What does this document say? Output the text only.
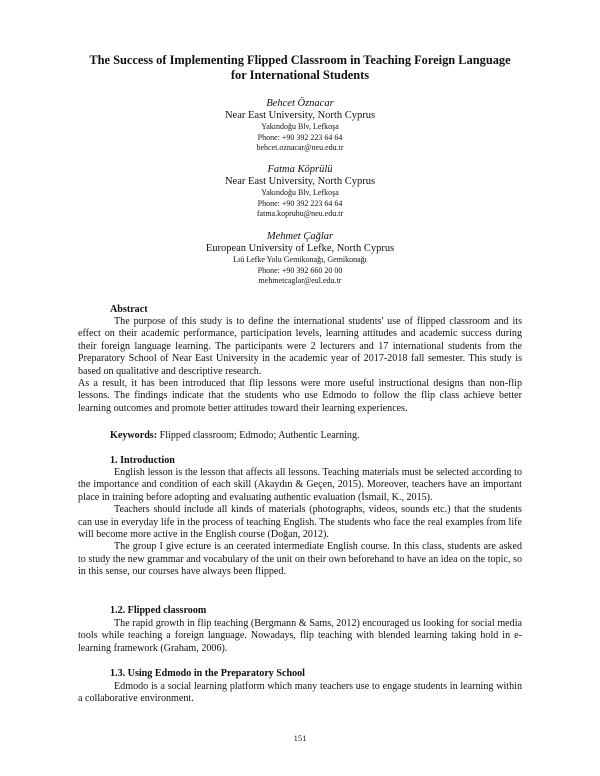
The Success of Implementing Flipped Classroom in Teaching Foreign Language
for International Students
Behcet Öznacar
Near East University, North Cyprus
Yakındoğu Blv, Lefkoşa
Phone: +90 392 223 64 64
behcet.oznacar@neu.edu.tr
Fatma Köprülü
Near East University, North Cyprus
Yakındoğu Blv, Lefkoşa
Phone: +90 392 223 64 64
fatma.kopruhu@neu.edu.tr
Mehmet Çağlar
European University of Lefke, North Cyprus
Lıü Lefke Yolu Gemikonağı, Gemikonağı
Phone: +90 392 660 20 00
mehmetcaglar@eul.edu.tr
Abstract

The purpose of this study is to define the international students' use of flipped classroom and its effect on their academic performance, participation levels, learning attitudes and academic success during their foreign language learning. The participants were 2 lecturers and 17 international students from the Preparatory School of Near East University in the academic year of 2017-2018 fall semester. This study is based on qualitative and descriptive research.

As a result, it has been introduced that flip lessons were more useful instructional designs than non-flip lessons. The findings indicate that the students who use Edmodo to follow the flip class achieve better learning outcomes and promote better attitudes toward their learning experiences.

Keywords: Flipped classroom; Edmodo; Authentic Learning.
1. Introduction

English lesson is the lesson that affects all lessons. Teaching materials must be selected according to the importance and condition of each skill (Akaydın & Geçen, 2015). Moreover, teachers have an important place in training before adopting and evaluating authentic evaluation (İsmail, K., 2015).

Teachers should include all kinds of materials (photographs, videos, sounds etc.) that the students can use in everyday life in the process of teaching English. The students who face the real examples from life will become more active in the English course (Doğan, 2012).

The group I give ecture is an ceerated intermediate English course. In this class, students are asked to study the new grammar and vocabulary of the unit on their own beforehand to have an idea on the topic, so in this sense, our courses have always been flipped.

1.2. Flipped classroom

The rapid growth in flip teaching (Bergmann & Sams, 2012) encouraged us looking for social media tools while teaching a foreign language. Nowadays, flip teaching with blended learning taking hold in e-learning framework (Graham, 2006).

1.3. Using Edmodo in the Preparatory School

Edmodo is a social learning platform which many teachers use to engage students in learning within a collaborative environment.

151
